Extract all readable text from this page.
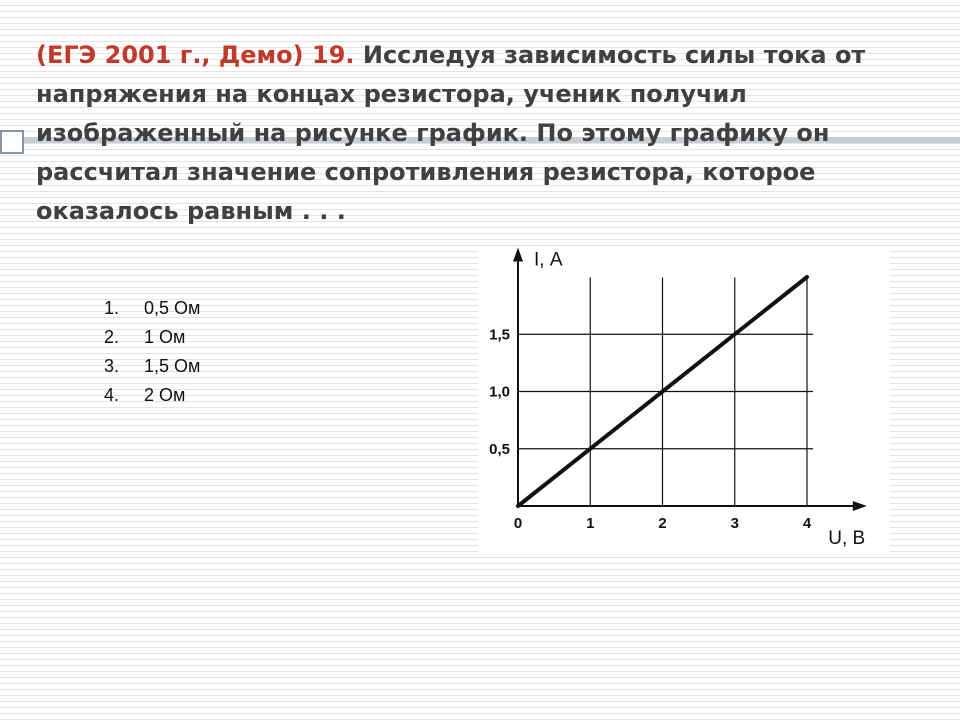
(ЕГЭ 2001 г., Демо) 19. Исследуя зависимость силы тока от напряжения на концах резистора, ученик получил изображенный на рисунке график. По этому графику он рассчитал значение сопротивления резистора, которое оказалось равным . . .
1.	0,5 Ом
2.	1 Ом
3.	1,5 Ом
4.	2 Ом
0	1	2	3	4
0,5
1,0
1,5
I, А
U, В
